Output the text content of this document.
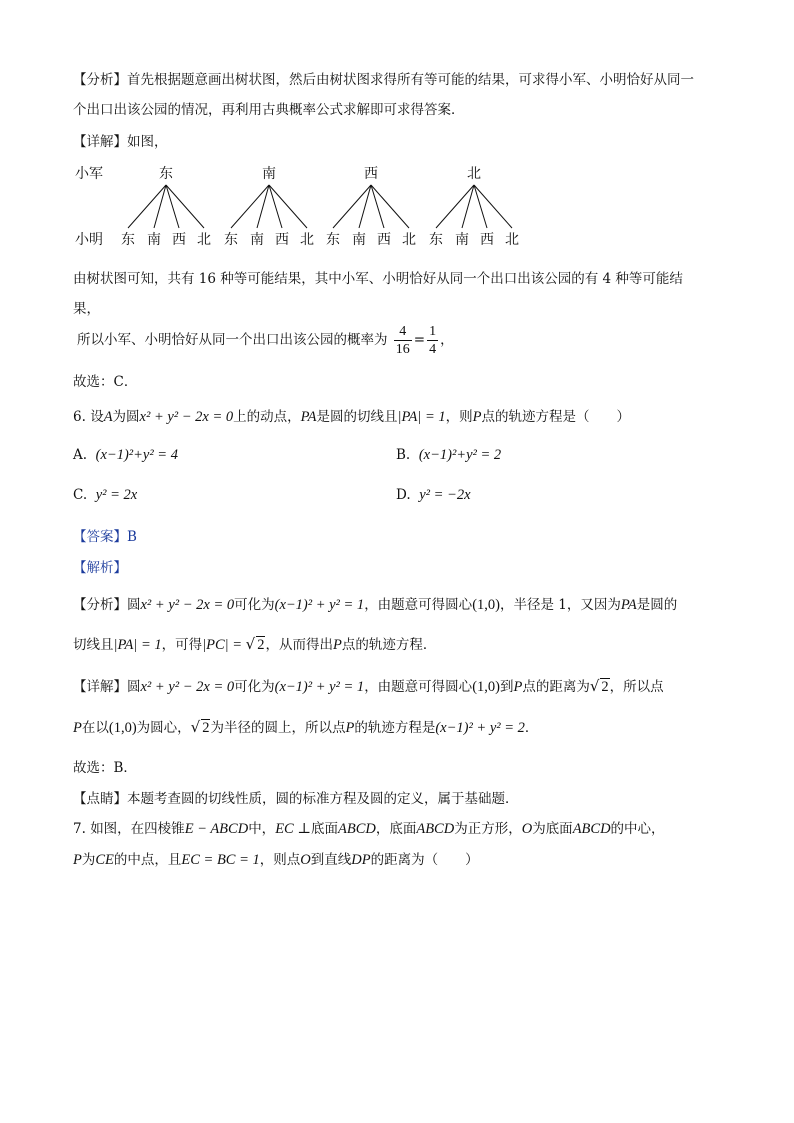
【分析】首先根据题意画出树状图，然后由树状图求得所有等可能的结果，可求得小军、小明恰好从同一
个出口出该公园的情况，再利用古典概率公式求解即可求得答案．
【详解】如图，
小军
小明
东	南	西	北
东 南 西 北 东 南 西 北 东 南 西 北 东 南 西 北
由树状图可知，共有 16 种等可能结果，其中小军、小明恰好从同一个出口出该公园的有 4 种等可能结
果，
所以小军、小明恰好从同一个出口出该公园的概率为 $\frac{4}{16} = \frac{1}{4}$ ，
故选：C．
6. 设A为圆x² + y² − 2x = 0上的动点，PA是圆的切线且|PA| = 1，则P点的轨迹方程是（　　）
A. (x−1)²+y² = 4	B. (x−1)²+y² = 2
C. y² = 2x	D. y² = −2x
【答案】B
【解析】
【分析】圆x² + y² − 2x = 0可化为(x−1)² + y² = 1，由题意可得圆心(1,0)，半径是 1，又因为PA是圆的
切线且|PA| = 1，可得|PC| = √ 2，从而得出P点的轨迹方程．
【详解】圆x² + y² − 2x = 0可化为(x−1)² + y² = 1，由题意可得圆心(1,0)到P点的距离为√ 2，所以点
P在以(1,0)为圆心，√ 2为半径的圆上，所以点P的轨迹方程是(x−1)² + y² = 2．
故选：B．
【点睛】本题考查圆的切线性质，圆的标准方程及圆的定义，属于基础题．
7. 如图，在四棱锥E − ABCD中，EC ⊥底面ABCD，底面ABCD为正方形，O为底面ABCD的中心，
P为CE的中点，且EC = BC = 1，则点O到直线DP的距离为（　　）
